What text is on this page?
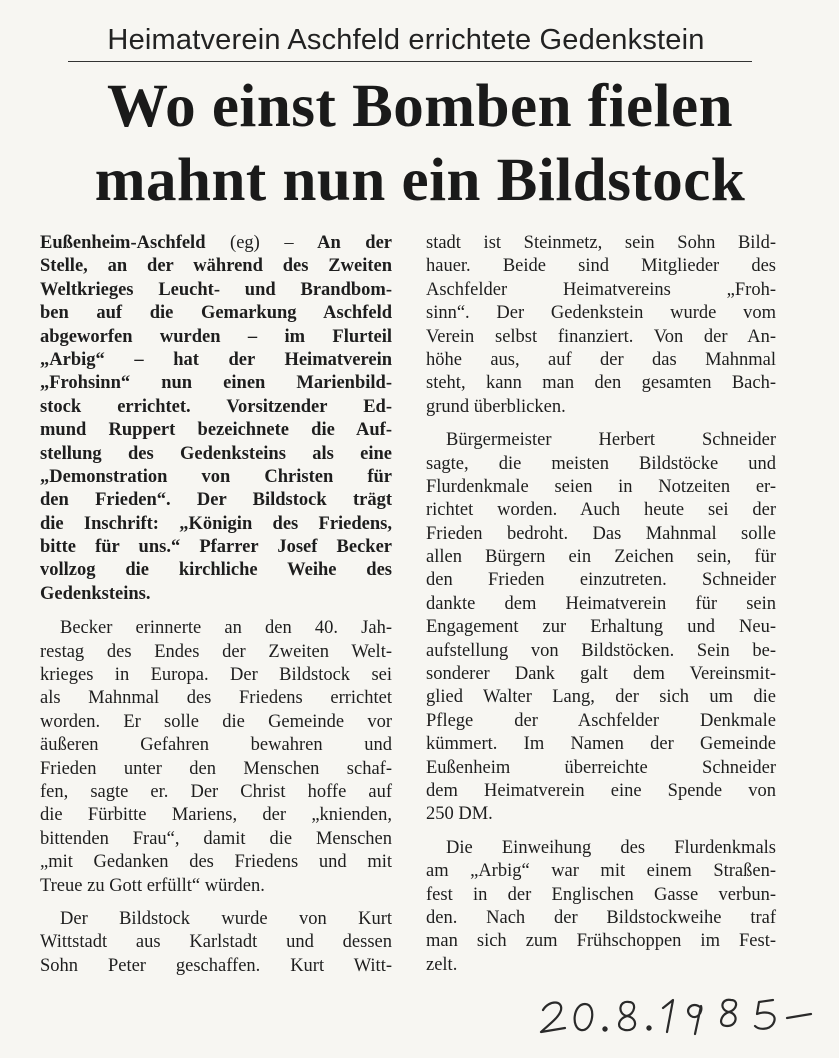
Heimatverein Aschfeld errichtete Gedenkstein
Wo einst Bomben fielen
mahnt nun ein Bildstock
Eußenheim-Aschfeld (eg) – An der
Stelle, an der während des Zweiten
Weltkrieges Leucht- und Brandbom-
ben auf die Gemarkung Aschfeld
abgeworfen wurden – im Flurteil
„Arbig“ – hat der Heimatverein
„Frohsinn“ nun einen Marienbild-
stock errichtet. Vorsitzender Ed-
mund Ruppert bezeichnete die Auf-
stellung des Gedenksteins als eine
„Demonstration von Christen für
den Frieden“. Der Bildstock trägt
die Inschrift: „Königin des Friedens,
bitte für uns.“ Pfarrer Josef Becker
vollzog die kirchliche Weihe des
Gedenksteins.
Becker erinnerte an den 40. Jah-
restag des Endes der Zweiten Welt-
krieges in Europa. Der Bildstock sei
als Mahnmal des Friedens errichtet
worden. Er solle die Gemeinde vor
äußeren Gefahren bewahren und
Frieden unter den Menschen schaf-
fen, sagte er. Der Christ hoffe auf
die Fürbitte Mariens, der „knienden,
bittenden Frau“, damit die Menschen
„mit Gedanken des Friedens und mit
Treue zu Gott erfüllt“ würden.
Der Bildstock wurde von Kurt
Wittstadt aus Karlstadt und dessen
Sohn Peter geschaffen. Kurt Witt-
stadt ist Steinmetz, sein Sohn Bild-
hauer. Beide sind Mitglieder des
Aschfelder Heimatvereins „Froh-
sinn“. Der Gedenkstein wurde vom
Verein selbst finanziert. Von der An-
höhe aus, auf der das Mahnmal
steht, kann man den gesamten Bach-
grund überblicken.
Bürgermeister Herbert Schneider
sagte, die meisten Bildstöcke und
Flurdenkmale seien in Notzeiten er-
richtet worden. Auch heute sei der
Frieden bedroht. Das Mahnmal solle
allen Bürgern ein Zeichen sein, für
den Frieden einzutreten. Schneider
dankte dem Heimatverein für sein
Engagement zur Erhaltung und Neu-
aufstellung von Bildstöcken. Sein be-
sonderer Dank galt dem Vereinsmit-
glied Walter Lang, der sich um die
Pflege der Aschfelder Denkmale
kümmert. Im Namen der Gemeinde
Eußenheim überreichte Schneider
dem Heimatverein eine Spende von
250 DM.
Die Einweihung des Flurdenkmals
am „Arbig“ war mit einem Straßen-
fest in der Englischen Gasse verbun-
den. Nach der Bildstockweihe traf
man sich zum Frühschoppen im Fest-
zelt.
